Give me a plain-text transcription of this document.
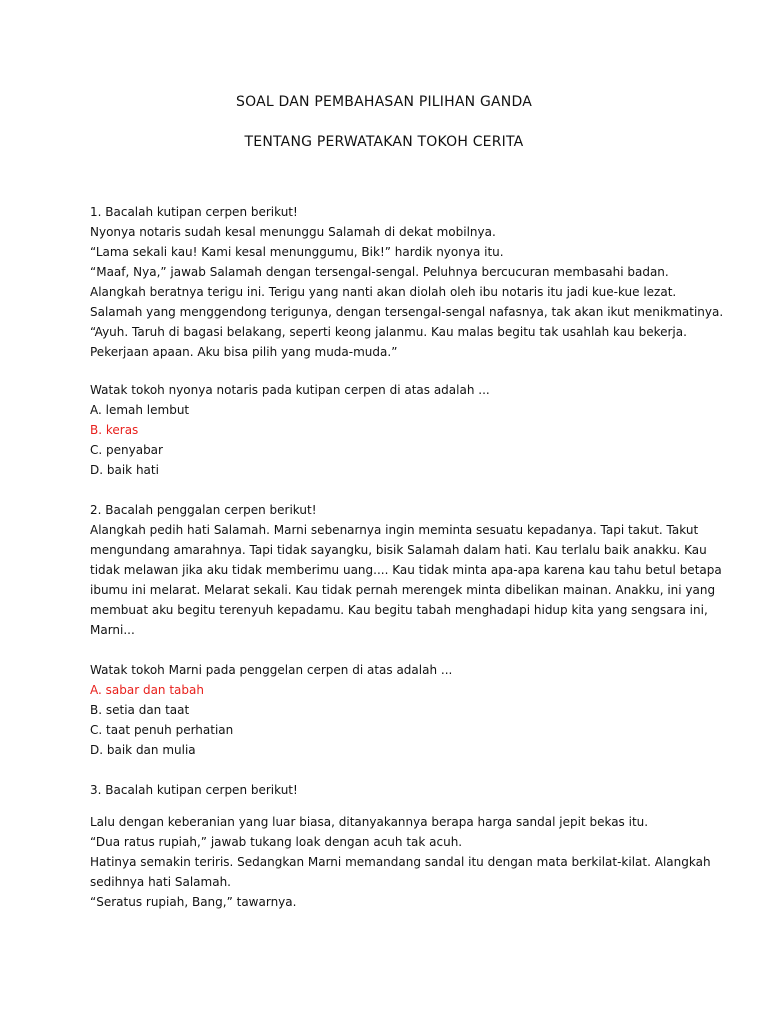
SOAL DAN PEMBAHASAN PILIHAN GANDA
TENTANG PERWATAKAN TOKOH CERITA
1. Bacalah kutipan cerpen berikut!
Nyonya notaris sudah kesal menunggu Salamah di dekat mobilnya.
“Lama sekali kau! Kami kesal menunggumu, Bik!” hardik nyonya itu.
“Maaf, Nya,” jawab Salamah dengan tersengal-sengal. Peluhnya bercucuran membasahi badan.
Alangkah beratnya terigu ini. Terigu yang nanti akan diolah oleh ibu notaris itu jadi kue-kue lezat.
Salamah yang menggendong terigunya, dengan tersengal-sengal nafasnya, tak akan ikut menikmatinya.
“Ayuh. Taruh di bagasi belakang, seperti keong jalanmu. Kau malas begitu tak usahlah kau bekerja.
Pekerjaan apaan. Aku bisa pilih yang muda-muda.”
Watak tokoh nyonya notaris pada kutipan cerpen di atas adalah ...
A. lemah lembut
B. keras
C. penyabar
D. baik hati
2. Bacalah penggalan cerpen berikut!
Alangkah pedih hati Salamah. Marni sebenarnya ingin meminta sesuatu kepadanya. Tapi takut. Takut
mengundang amarahnya. Tapi tidak sayangku, bisik Salamah dalam hati. Kau terlalu baik anakku. Kau
tidak melawan jika aku tidak memberimu uang.... Kau tidak minta apa-apa karena kau tahu betul betapa
ibumu ini melarat. Melarat sekali. Kau tidak pernah merengek minta dibelikan mainan. Anakku, ini yang
membuat aku begitu terenyuh kepadamu. Kau begitu tabah menghadapi hidup kita yang sengsara ini,
Marni...
Watak tokoh Marni pada penggelan cerpen di atas adalah ...
A. sabar dan tabah
B. setia dan taat
C. taat penuh perhatian
D. baik dan mulia
3. Bacalah kutipan cerpen berikut!
Lalu dengan keberanian yang luar biasa, ditanyakannya berapa harga sandal jepit bekas itu.
“Dua ratus rupiah,” jawab tukang loak dengan acuh tak acuh.
Hatinya semakin teriris. Sedangkan Marni memandang sandal itu dengan mata berkilat-kilat. Alangkah
sedihnya hati Salamah.
“Seratus rupiah, Bang,” tawarnya.
